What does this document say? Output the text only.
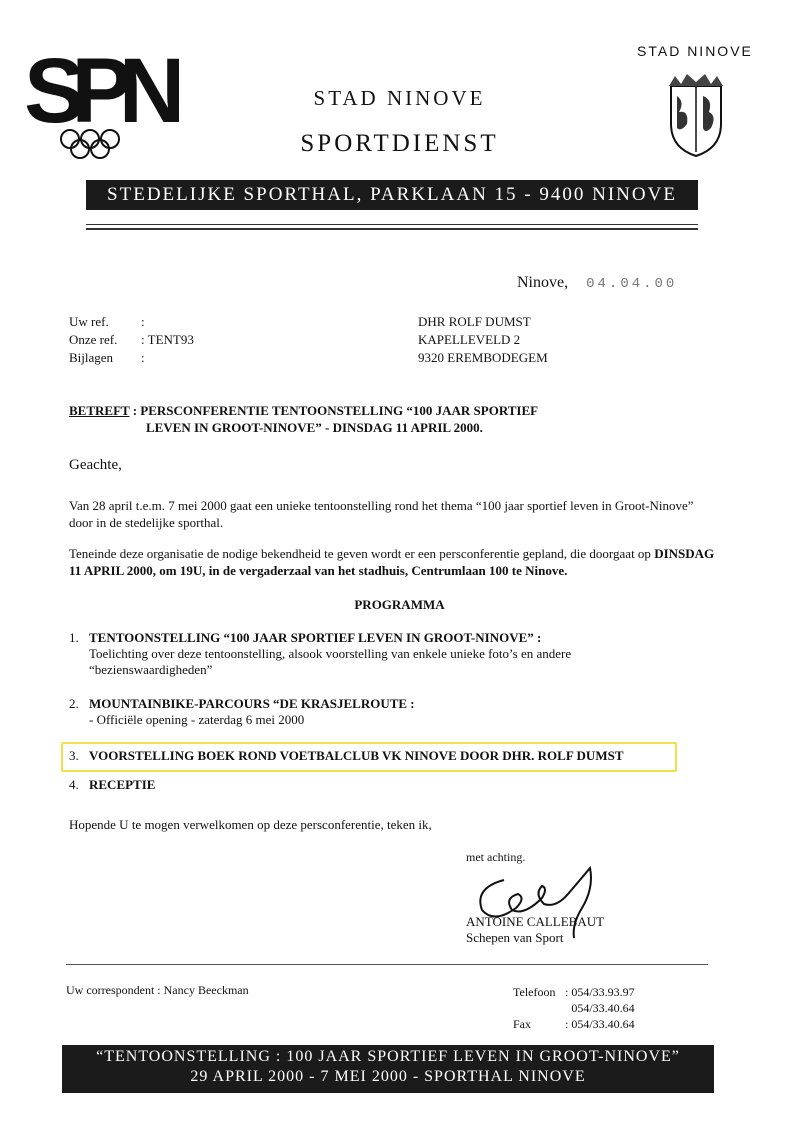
SPN	STAD NINOVE
STAD NINOVE
SPORTDIENST
STEDELIJKE SPORTHAL, PARKLAAN 15 - 9400 NINOVE
Ninove, 04.04.00
Uw ref.	:
Onze ref.	: TENT93
Bijlagen	:
DHR ROLF DUMST
KAPELLEVELD 2
9320 EREMBODEGEM
BETREFT : PERSCONFERENTIE TENTOONSTELLING “100 JAAR SPORTIEF
LEVEN IN GROOT-NINOVE” - DINSDAG 11 APRIL 2000.
Geachte,
Van 28 april t.e.m. 7 mei 2000 gaat een unieke tentoonstelling rond het thema “100 jaar sportief leven in Groot-Ninove” door in de stedelijke sporthal.
Teneinde deze organisatie de nodige bekendheid te geven wordt er een persconferentie gepland, die doorgaat op DINSDAG 11 APRIL 2000, om 19U, in de vergaderzaal van het stadhuis, Centrumlaan 100 te Ninove.
PROGRAMMA
1. TENTOONSTELLING “100 JAAR SPORTIEF LEVEN IN GROOT-NINOVE” :
Toelichting over deze tentoonstelling, alsook voorstelling van enkele unieke foto’s en andere
“bezienswaardigheden”
2. MOUNTAINBIKE-PARCOURS “DE KRASJELROUTE :
- Officiële opening - zaterdag 6 mei 2000
3. VOORSTELLING BOEK ROND VOETBALCLUB VK NINOVE DOOR DHR. ROLF DUMST
4. RECEPTIE
Hopende U te mogen verwelkomen op deze persconferentie, teken ik,
met achting.
ANTOINE CALLEBAUT
Schepen van Sport
Uw correspondent : Nancy Beeckman	Telefoon	: 054/33.93.97
	054/33.40.64
Fax	: 054/33.40.64
“TENTOONSTELLING : 100 JAAR SPORTIEF LEVEN IN GROOT-NINOVE”
29 APRIL 2000 - 7 MEI 2000 - SPORTHAL NINOVE
